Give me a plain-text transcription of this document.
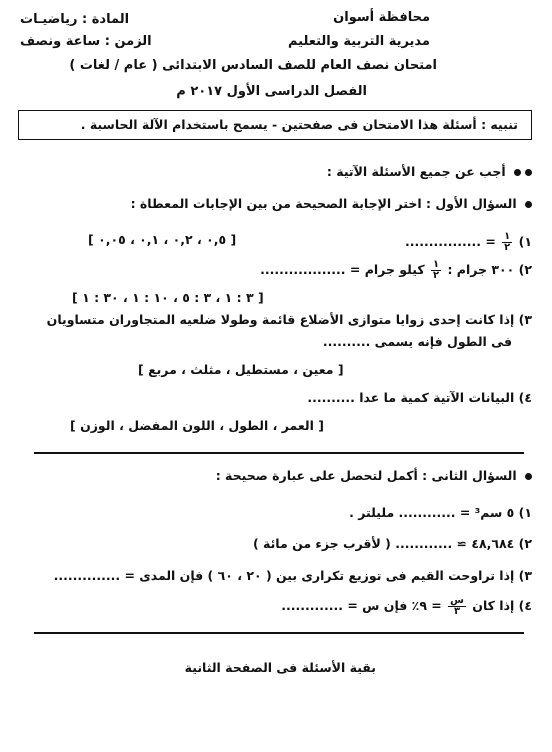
محافظة أسوان
مديرية التربية والتعليم
المادة : رياضيـات
الزمن : ساعة ونصف
امتحان نصف العام للصف السادس الابتدائى ( عام / لغات )
الفصل الدراسى الأول ٢٠١٧ م
تنبيه : أسئلة هذا الامتحان فى صفحتين - يسمح باستخدام الآلة الحاسبة .
أجب عن جميع الأسئلة الآتية :
السؤال الأول : اختر الإجابة الصحيحة من بين الإجابات المعطاة :
١)
$\frac{١}{٢}$
= ................
[ ٠,٥ ، ٠,٢ ، ٠,١ ، ٠,٠٥ ]
٢) ٣٠٠ جرام :
$\frac{١}{٢}$
كيلو جرام = ..................
[ ٣ : ١ ، ٣ : ٥ ، ١٠ : ١ ، ٣٠ : ١ ]
٣) إذا كانت إحدى زوايا متوازى الأضلاع قائمة وطولا ضلعيه المتجاوران متساويان
فى الطول فإنه يسمى ..........
[ معين ، مستطيل ، مثلث ، مربع ]
٤) البيانات الآتية كمية ما عدا ..........
[ العمر ، الطول ، اللون المفضل ، الوزن ]
السؤال الثانى : أكمل لتحصل على عبارة صحيحة :
١) ٥ سم³ = ............ مليلتر .
٢) ٤٨,٦٨٤ ≃ ............ ( لأقرب جزء من مائة )
٣) إذا تراوحت القيم فى توزيع تكرارى بين ( ٢٠ ، ٦٠ ) فإن المدى = ..............
٤) إذا كان
$\frac{\text{س}}{٣}$
= ٩٪ فإن س = .............
بقية الأسئلة فى الصفحة الثانية
